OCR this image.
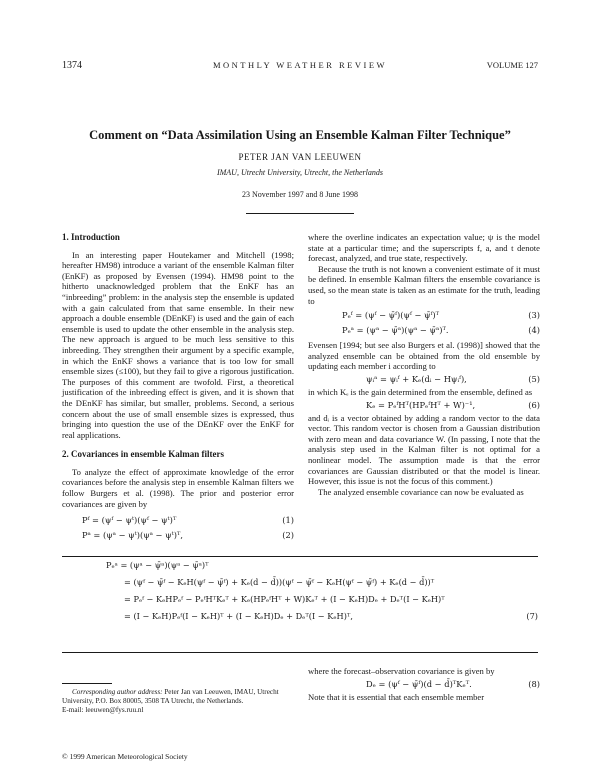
1374	MONTHLY WEATHER REVIEW	VOLUME 127
Comment on “Data Assimilation Using an Ensemble Kalman Filter Technique”
PETER JAN VAN LEEUWEN
IMAU, Utrecht University, Utrecht, the Netherlands
23 November 1997 and 8 June 1998
1. Introduction

In an interesting paper Houtekamer and Mitchell (1998; hereafter HM98) introduce a variant of the ensemble Kalman filter (EnKF) as proposed by Evensen (1994). HM98 point to the hitherto unacknowledged problem that the EnKF has an “inbreeding” problem: in the analysis step the ensemble is updated with a gain calculated from that same ensemble. In their new approach a double ensemble (DEnKF) is used and the gain of each ensemble is used to update the other ensemble in the analysis step. The new approach is argued to be much less sensitive to this inbreeding. They strengthen their argument by a specific example, in which the EnKF shows a variance that is too low for small ensemble sizes (≤100), but they fail to give a rigorous justification. The purposes of this comment are twofold. First, a theoretical justification of the inbreeding effect is given, and it is shown that the DEnKF has similar, but smaller, problems. Second, a serious concern about the use of small ensemble sizes is expressed, thus bringing into question the use of the DEnKF over the EnKF for real applications.

2. Covariances in ensemble Kalman filters

To analyze the effect of approximate knowledge of the error covariances before the analysis step in ensemble Kalman filters we follow Burgers et al. (1998). The prior and posterior error covariances are given by

Pᶠ = (ψᶠ − ψᵗ)(ψᶠ − ψᵗ)ᵀ	(1)
Pᵃ = (ψᵃ − ψᵗ)(ψᵃ − ψᵗ)ᵀ,	(2)

where the overline indicates an expectation value; ψ is the model state at a particular time; and the superscripts f, a, and t denote forecast, analyzed, and true state, respectively.

Because the truth is not known a convenient estimate of it must be defined. In ensemble Kalman filters the ensemble covariance is used, so the mean state is taken as an estimate for the truth, leading to

Pₑᶠ = (ψᶠ − ψ̄ᶠ)(ψᶠ − ψ̄ᶠ)ᵀ	(3)
Pₑᵃ = (ψᵃ − ψ̄ᵃ)(ψᵃ − ψ̄ᵃ)ᵀ.	(4)

Evensen [1994; but see also Burgers et al. (1998)] showed that the analyzed ensemble can be obtained from the old ensemble by updating each member i according to

ψᵢᵃ = ψᵢᶠ + Kₑ(dᵢ − Hψᵢᶠ),	(5)

in which Kₑ is the gain determined from the ensemble, defined as

Kₑ = PₑᶠHᵀ(HPₑᶠHᵀ + W)⁻¹,	(6)

and dᵢ is a vector obtained by adding a random vector to the data vector. This random vector is chosen from a Gaussian distribution with zero mean and data covariance W. (In passing, I note that the analysis step used in the Kalman filter is not optimal for a nonlinear model. The assumption made is that the error covariances are Gaussian distributed or that the model is linear. However, this issue is not the focus of this comment.)

The analyzed ensemble covariance can now be evaluated as

Pₑᵃ = (ψᵃ − ψ̄ᵃ)(ψᵃ − ψ̄ᵃ)ᵀ
= (ψᶠ − ψ̄ᶠ − KₑH(ψᶠ − ψ̄ᶠ) + Kₑ(d − d̄))(ψᶠ − ψ̄ᶠ − KₑH(ψᶠ − ψ̄ᶠ) + Kₑ(d − d̄))ᵀ
= Pₑᶠ − KₑHPₑᶠ − PₑᶠHᵀKₑᵀ + Kₑ(HPₑᶠHᵀ + W)Kₑᵀ + (I − KₑH)Dₑ + Dₑᵀ(I − KₑH)ᵀ
= (I − KₑH)Pₑᶠ(I − KₑH)ᵀ + (I − KₑH)Dₑ + Dₑᵀ(I − KₑH)ᵀ,	(7)

where the forecast–observation covariance is given by

Dₑ = (ψᶠ − ψ̄ᶠ)(d − d̄)ᵀKₑᵀ.	(8)

Note that it is essential that each ensemble member

Corresponding author address: Peter Jan van Leeuwen, IMAU, Utrecht University, P.O. Box 80005, 3508 TA Utrecht, the Netherlands.
E-mail: leeuwen@fys.ruu.nl
© 1999 American Meteorological Society
